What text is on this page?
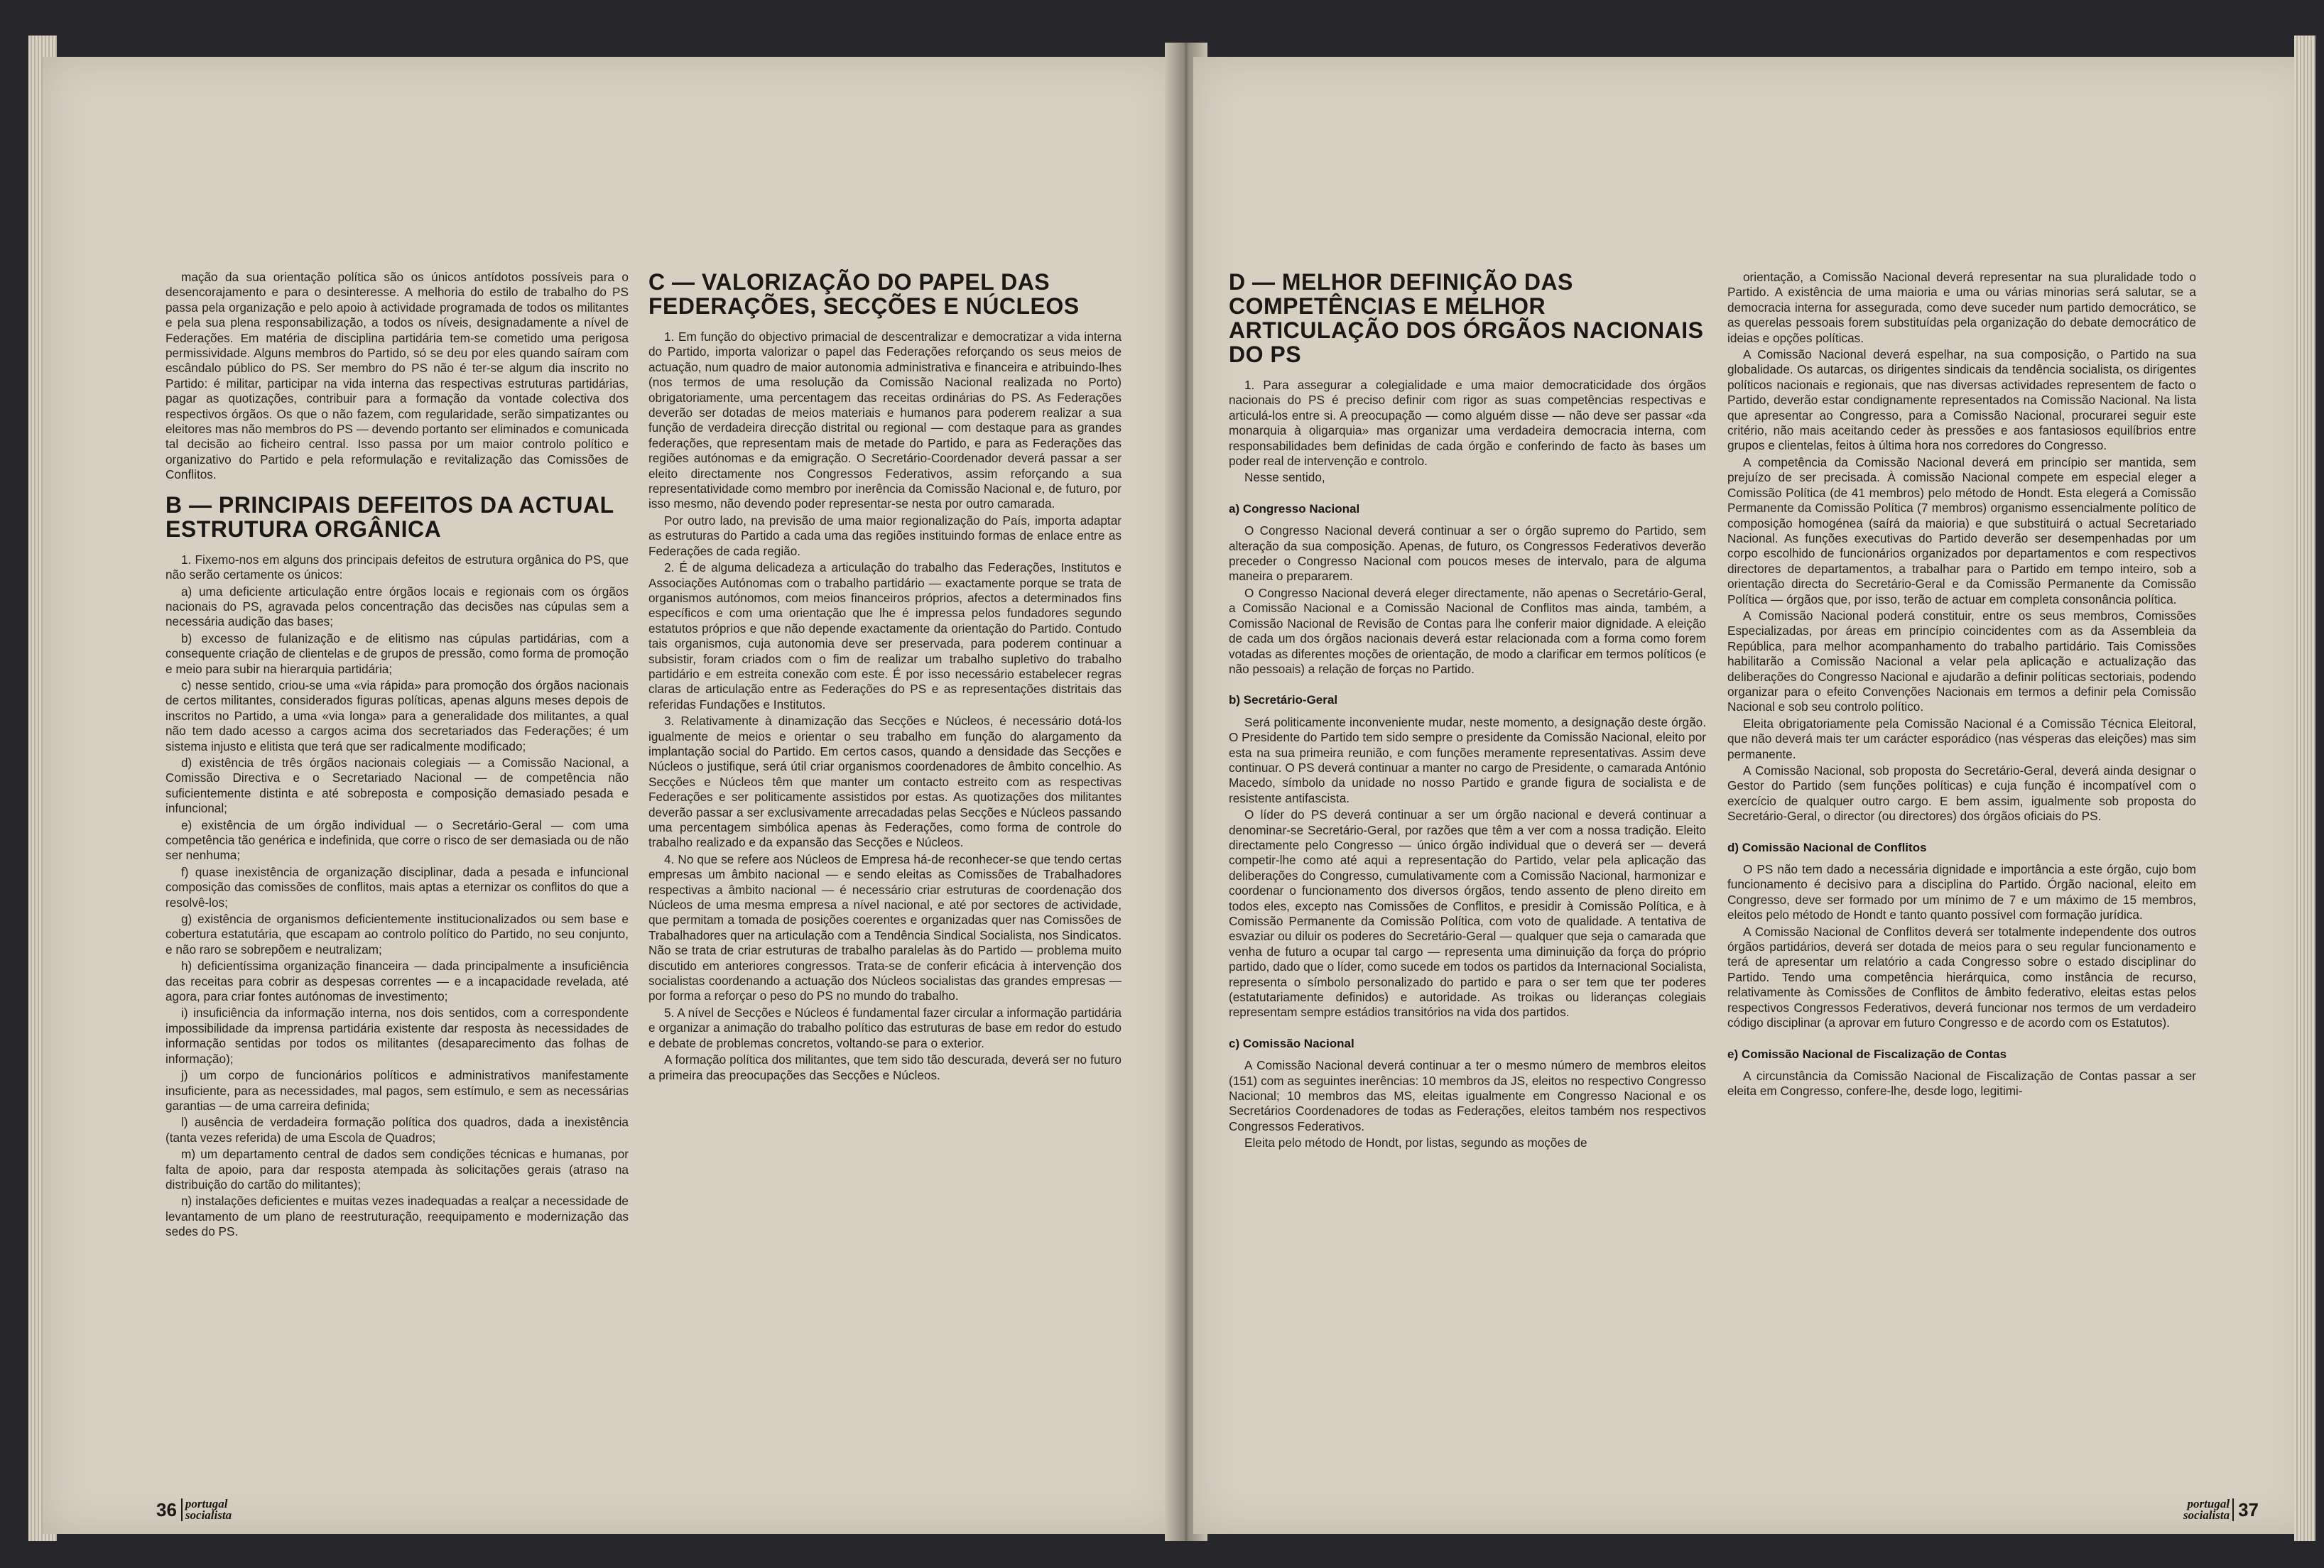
mação da sua orientação política são os únicos antídotos possíveis para o desencorajamento e para o desinteresse. A melhoria do estilo de trabalho do PS passa pela organização e pelo apoio à actividade programada de todos os militantes e pela sua plena responsabilização, a todos os níveis, designadamente a nível de Federações. Em matéria de disciplina partidária tem-se cometido uma perigosa permissividade. Alguns membros do Partido, só se deu por eles quando saíram com escândalo público do PS. Ser membro do PS não é ter-se algum dia inscrito no Partido: é militar, participar na vida interna das respectivas estruturas partidárias, pagar as quotizações, contribuir para a formação da vontade colectiva dos respectivos órgãos. Os que o não fazem, com regularidade, serão simpatizantes ou eleitores mas não membros do PS — devendo portanto ser eliminados e comunicada tal decisão ao ficheiro central. Isso passa por um maior controlo político e organizativo do Partido e pela reformulação e revitalização das Comissões de Conflitos.

B — PRINCIPAIS DEFEITOS DA ACTUAL ESTRUTURA ORGÂNICA

1. Fixemo-nos em alguns dos principais defeitos de estrutura orgânica do PS, que não serão certamente os únicos:

a) uma deficiente articulação entre órgãos locais e regionais com os órgãos nacionais do PS, agravada pelos concentração das decisões nas cúpulas sem a necessária audição das bases;

b) excesso de fulanização e de elitismo nas cúpulas partidárias, com a consequente criação de clientelas e de grupos de pressão, como forma de promoção e meio para subir na hierarquia partidária;

c) nesse sentido, criou-se uma «via rápida» para promoção dos órgãos nacionais de certos militantes, considerados figuras políticas, apenas alguns meses depois de inscritos no Partido, a uma «via longa» para a generalidade dos militantes, a qual não tem dado acesso a cargos acima dos secretariados das Federações; é um sistema injusto e elitista que terá que ser radicalmente modificado;

d) existência de três órgãos nacionais colegiais — a Comissão Nacional, a Comissão Directiva e o Secretariado Nacional — de competência não suficientemente distinta e até sobreposta e composição demasiado pesada e infuncional;

e) existência de um órgão individual — o Secretário-Geral — com uma competência tão genérica e indefinida, que corre o risco de ser demasiada ou de não ser nenhuma;

f) quase inexistência de organização disciplinar, dada a pesada e infuncional composição das comissões de conflitos, mais aptas a eternizar os conflitos do que a resolvê-los;

g) existência de organismos deficientemente institucionalizados ou sem base e cobertura estatutária, que escapam ao controlo político do Partido, no seu conjunto, e não raro se sobrepõem e neutralizam;

h) deficientíssima organização financeira — dada principalmente a insuficiência das receitas para cobrir as despesas correntes — e a incapacidade revelada, até agora, para criar fontes autónomas de investimento;

i) insuficiência da informação interna, nos dois sentidos, com a correspondente impossibilidade da imprensa partidária existente dar resposta às necessidades de informação sentidas por todos os militantes (desaparecimento das folhas de informação);

j) um corpo de funcionários políticos e administrativos manifestamente insuficiente, para as necessidades, mal pagos, sem estímulo, e sem as necessárias garantias — de uma carreira definida;

l) ausência de verdadeira formação política dos quadros, dada a inexistência (tanta vezes referida) de uma Escola de Quadros;

m) um departamento central de dados sem condições técnicas e humanas, por falta de apoio, para dar resposta atempada às solicitações gerais (atraso na distribuição do cartão do militantes);

n) instalações deficientes e muitas vezes inadequadas a realçar a necessidade de levantamento de um plano de reestruturação, reequipamento e modernização das sedes do PS.

C — VALORIZAÇÃO DO PAPEL DAS FEDERAÇÕES, SECÇÕES E NÚCLEOS

1. Em função do objectivo primacial de descentralizar e democratizar a vida interna do Partido, importa valorizar o papel das Federações reforçando os seus meios de actuação, num quadro de maior autonomia administrativa e financeira e atribuindo-lhes (nos termos de uma resolução da Comissão Nacional realizada no Porto) obrigatoriamente, uma percentagem das receitas ordinárias do PS. As Federações deverão ser dotadas de meios materiais e humanos para poderem realizar a sua função de verdadeira direcção distrital ou regional — com destaque para as grandes federações, que representam mais de metade do Partido, e para as Federações das regiões autónomas e da emigração. O Secretário-Coordenador deverá passar a ser eleito directamente nos Congressos Federativos, assim reforçando a sua representatividade como membro por inerência da Comissão Nacional e, de futuro, por isso mesmo, não devendo poder representar-se nesta por outro camarada.

Por outro lado, na previsão de uma maior regionalização do País, importa adaptar as estruturas do Partido a cada uma das regiões instituindo formas de enlace entre as Federações de cada região.

2. É de alguma delicadeza a articulação do trabalho das Federações, Institutos e Associações Autónomas com o trabalho partidário — exactamente porque se trata de organismos autónomos, com meios financeiros próprios, afectos a determinados fins específicos e com uma orientação que lhe é impressa pelos fundadores segundo estatutos próprios e que não depende exactamente da orientação do Partido. Contudo tais organismos, cuja autonomia deve ser preservada, para poderem continuar a subsistir, foram criados com o fim de realizar um trabalho supletivo do trabalho partidário e em estreita conexão com este. É por isso necessário estabelecer regras claras de articulação entre as Federações do PS e as representações distritais das referidas Fundações e Institutos.

3. Relativamente à dinamização das Secções e Núcleos, é necessário dotá-los igualmente de meios e orientar o seu trabalho em função do alargamento da implantação social do Partido. Em certos casos, quando a densidade das Secções e Núcleos o justifique, será útil criar organismos coordenadores de âmbito concelhio. As Secções e Núcleos têm que manter um contacto estreito com as respectivas Federações e ser politicamente assistidos por estas. As quotizações dos militantes deverão passar a ser exclusivamente arrecadadas pelas Secções e Núcleos passando uma percentagem simbólica apenas às Federações, como forma de controle do trabalho realizado e da expansão das Secções e Núcleos.

4. No que se refere aos Núcleos de Empresa há-de reconhecer-se que tendo certas empresas um âmbito nacional — e sendo eleitas as Comissões de Trabalhadores respectivas a âmbito nacional — é necessário criar estruturas de coordenação dos Núcleos de uma mesma empresa a nível nacional, e até por sectores de actividade, que permitam a tomada de posições coerentes e organizadas quer nas Comissões de Trabalhadores quer na articulação com a Tendência Sindical Socialista, nos Sindicatos. Não se trata de criar estruturas de trabalho paralelas às do Partido — problema muito discutido em anteriores congressos. Trata-se de conferir eficácia à intervenção dos socialistas coordenando a actuação dos Núcleos socialistas das grandes empresas — por forma a reforçar o peso do PS no mundo do trabalho.

5. A nível de Secções e Núcleos é fundamental fazer circular a informação partidária e organizar a animação do trabalho político das estruturas de base em redor do estudo e debate de problemas concretos, voltando-se para o exterior.

A formação política dos militantes, que tem sido tão descurada, deverá ser no futuro a primeira das preocupações das Secções e Núcleos.

36 portugal
socialista
D — MELHOR DEFINIÇÃO DAS COMPETÊNCIAS E MELHOR ARTICULAÇÃO DOS ÓRGÃOS NACIONAIS DO PS

1. Para assegurar a colegialidade e uma maior democraticidade dos órgãos nacionais do PS é preciso definir com rigor as suas competências respectivas e articulá-los entre si. A preocupação — como alguém disse — não deve ser passar «da monarquia à oligarquia» mas organizar uma verdadeira democracia interna, com responsabilidades bem definidas de cada órgão e conferindo de facto às bases um poder real de intervenção e controlo.

Nesse sentido,

a) Congresso Nacional

O Congresso Nacional deverá continuar a ser o órgão supremo do Partido, sem alteração da sua composição. Apenas, de futuro, os Congressos Federativos deverão preceder o Congresso Nacional com poucos meses de intervalo, para de alguma maneira o prepararem.

O Congresso Nacional deverá eleger directamente, não apenas o Secretário-Geral, a Comissão Nacional e a Comissão Nacional de Conflitos mas ainda, também, a Comissão Nacional de Revisão de Contas para lhe conferir maior dignidade. A eleição de cada um dos órgãos nacionais deverá estar relacionada com a forma como forem votadas as diferentes moções de orientação, de modo a clarificar em termos políticos (e não pessoais) a relação de forças no Partido.

b) Secretário-Geral

Será politicamente inconveniente mudar, neste momento, a designação deste órgão. O Presidente do Partido tem sido sempre o presidente da Comissão Nacional, eleito por esta na sua primeira reunião, e com funções meramente representativas. Assim deve continuar. O PS deverá continuar a manter no cargo de Presidente, o camarada António Macedo, símbolo da unidade no nosso Partido e grande figura de socialista e de resistente antifascista.

O líder do PS deverá continuar a ser um órgão nacional e deverá continuar a denominar-se Secretário-Geral, por razões que têm a ver com a nossa tradição. Eleito directamente pelo Congresso — único órgão individual que o deverá ser — deverá competir-lhe como até aqui a representação do Partido, velar pela aplicação das deliberações do Congresso, cumulativamente com a Comissão Nacional, harmonizar e coordenar o funcionamento dos diversos órgãos, tendo assento de pleno direito em todos eles, excepto nas Comissões de Conflitos, e presidir à Comissão Política, e à Comissão Permanente da Comissão Política, com voto de qualidade. A tentativa de esvaziar ou diluir os poderes do Secretário-Geral — qualquer que seja o camarada que venha de futuro a ocupar tal cargo — representa uma diminuição da força do próprio partido, dado que o líder, como sucede em todos os partidos da Internacional Socialista, representa o símbolo personalizado do partido e para o ser tem que ter poderes (estatutariamente definidos) e autoridade. As troikas ou lideranças colegiais representam sempre estádios transitórios na vida dos partidos.

c) Comissão Nacional

A Comissão Nacional deverá continuar a ter o mesmo número de membros eleitos (151) com as seguintes inerências: 10 membros da JS, eleitos no respectivo Congresso Nacional; 10 membros das MS, eleitas igualmente em Congresso Nacional e os Secretários Coordenadores de todas as Federações, eleitos também nos respectivos Congressos Federativos.

Eleita pelo método de Hondt, por listas, segundo as moções de

orientação, a Comissão Nacional deverá representar na sua pluralidade todo o Partido. A existência de uma maioria e uma ou várias minorias será salutar, se a democracia interna for assegurada, como deve suceder num partido democrático, se as querelas pessoais forem substituídas pela organização do debate democrático de ideias e opções políticas.

A Comissão Nacional deverá espelhar, na sua composição, o Partido na sua globalidade. Os autarcas, os dirigentes sindicais da tendência socialista, os dirigentes políticos nacionais e regionais, que nas diversas actividades representem de facto o Partido, deverão estar condignamente representados na Comissão Nacional. Na lista que apresentar ao Congresso, para a Comissão Nacional, procurarei seguir este critério, não mais aceitando ceder às pressões e aos fantasiosos equilíbrios entre grupos e clientelas, feitos à última hora nos corredores do Congresso.

A competência da Comissão Nacional deverá em princípio ser mantida, sem prejuízo de ser precisada. À comissão Nacional compete em especial eleger a Comissão Política (de 41 membros) pelo método de Hondt. Esta elegerá a Comissão Permanente da Comissão Política (7 membros) organismo essencialmente político de composição homogénea (saírá da maioria) e que substituirá o actual Secretariado Nacional. As funções executivas do Partido deverão ser desempenhadas por um corpo escolhido de funcionários organizados por departamentos e com respectivos directores de departamentos, a trabalhar para o Partido em tempo inteiro, sob a orientação directa do Secretário-Geral e da Comissão Permanente da Comissão Política — órgãos que, por isso, terão de actuar em completa consonância política.

A Comissão Nacional poderá constituir, entre os seus membros, Comissões Especializadas, por áreas em princípio coincidentes com as da Assembleia da República, para melhor acompanhamento do trabalho partidário. Tais Comissões habilitarão a Comissão Nacional a velar pela aplicação e actualização das deliberações do Congresso Nacional e ajudarão a definir políticas sectoriais, podendo organizar para o efeito Convenções Nacionais em termos a definir pela Comissão Nacional e sob seu controlo político.

Eleita obrigatoriamente pela Comissão Nacional é a Comissão Técnica Eleitoral, que não deverá mais ter um carácter esporádico (nas vésperas das eleições) mas sim permanente.

A Comissão Nacional, sob proposta do Secretário-Geral, deverá ainda designar o Gestor do Partido (sem funções políticas) e cuja função é incompatível com o exercício de qualquer outro cargo. E bem assim, igualmente sob proposta do Secretário-Geral, o director (ou directores) dos órgãos oficiais do PS.

d) Comissão Nacional de Conflitos

O PS não tem dado a necessária dignidade e importância a este órgão, cujo bom funcionamento é decisivo para a disciplina do Partido. Órgão nacional, eleito em Congresso, deve ser formado por um mínimo de 7 e um máximo de 15 membros, eleitos pelo método de Hondt e tanto quanto possível com formação jurídica.

A Comissão Nacional de Conflitos deverá ser totalmente independente dos outros órgãos partidários, deverá ser dotada de meios para o seu regular funcionamento e terá de apresentar um relatório a cada Congresso sobre o estado disciplinar do Partido. Tendo uma competência hierárquica, como instância de recurso, relativamente às Comissões de Conflitos de âmbito federativo, eleitas estas pelos respectivos Congressos Federativos, deverá funcionar nos termos de um verdadeiro código disciplinar (a aprovar em futuro Congresso e de acordo com os Estatutos).

e) Comissão Nacional de Fiscalização de Contas

A circunstância da Comissão Nacional de Fiscalização de Contas passar a ser eleita em Congresso, confere-lhe, desde logo, legitimi-

portugal
socialista 37
